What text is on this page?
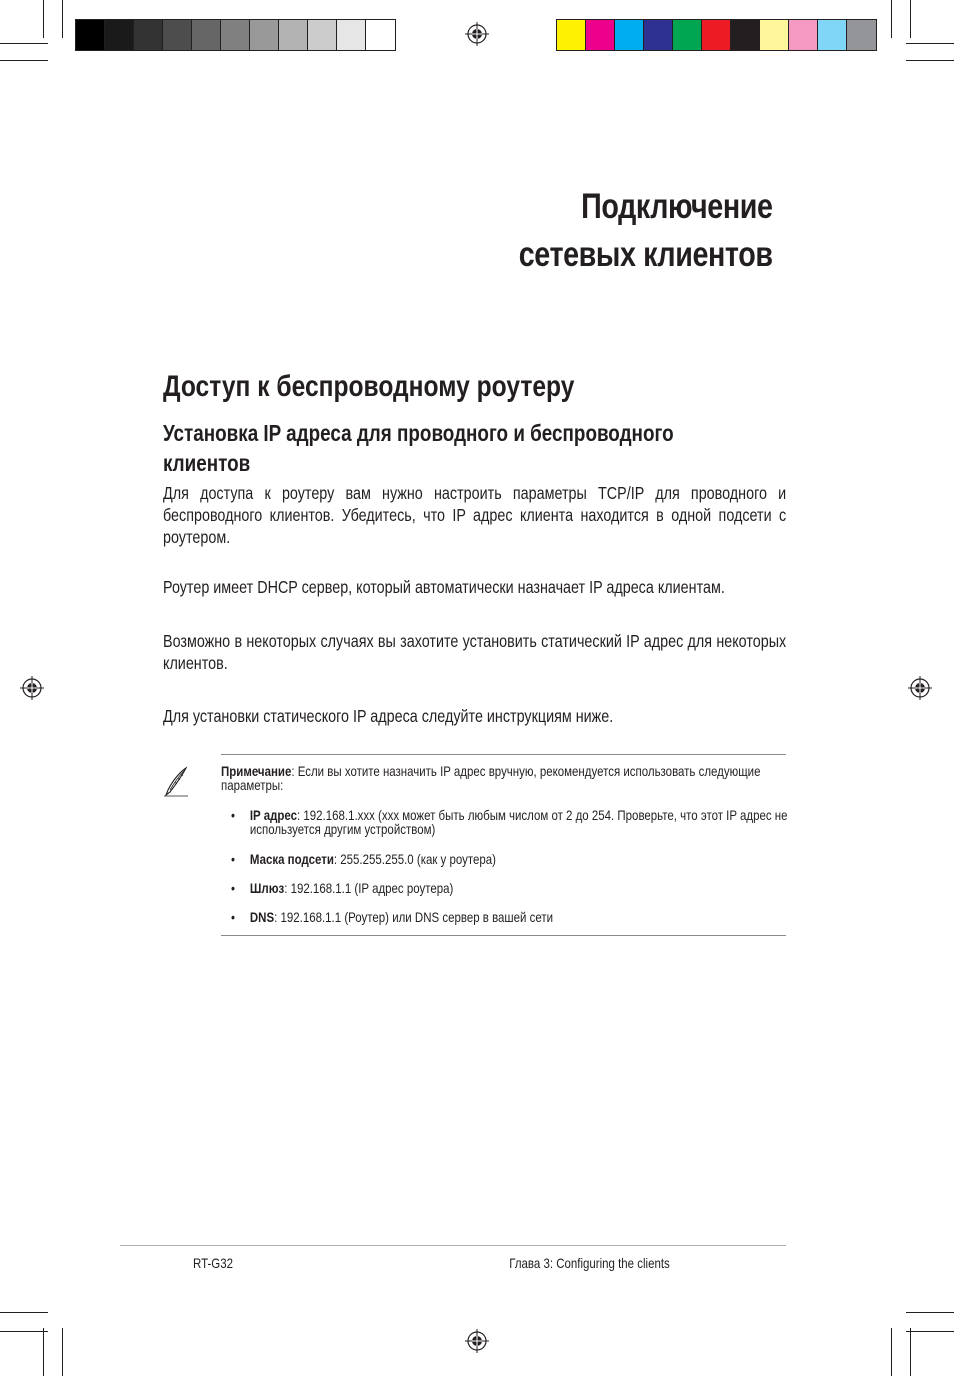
Подключение
сетевых клиентов
Доступ к беспроводному роутеру
Установка IP адреса для проводного и беспроводного клиентов
Для доступа к роутеру вам нужно настроить параметры TCP/IP для проводного и беспроводного клиентов. Убедитесь, что IP адрес клиента находится в одной подсети с роутером.
Роутер имеет DHCP сервер, который автоматически назначает IP адреса клиентам.
Возможно в некоторых случаях вы захотите установить статический IP адрес для некоторых клиентов.
Для установки статического IP адреса следуйте инструкциям ниже.
Примечание: Если вы хотите назначить IP адрес вручную, рекомендуется использовать следующие параметры:
• IP адрес: 192.168.1.xxx (xxx может быть любым числом от 2 до 254. Проверьте, что этот IP адрес не используется другим устройством)
• Маска подсети: 255.255.255.0 (как у роутера)
• Шлюз: 192.168.1.1 (IP адрес роутера)
• DNS: 192.168.1.1 (Роутер) или DNS сервер в вашей сети
RT-G32	Глава 3: Configuring the clients
